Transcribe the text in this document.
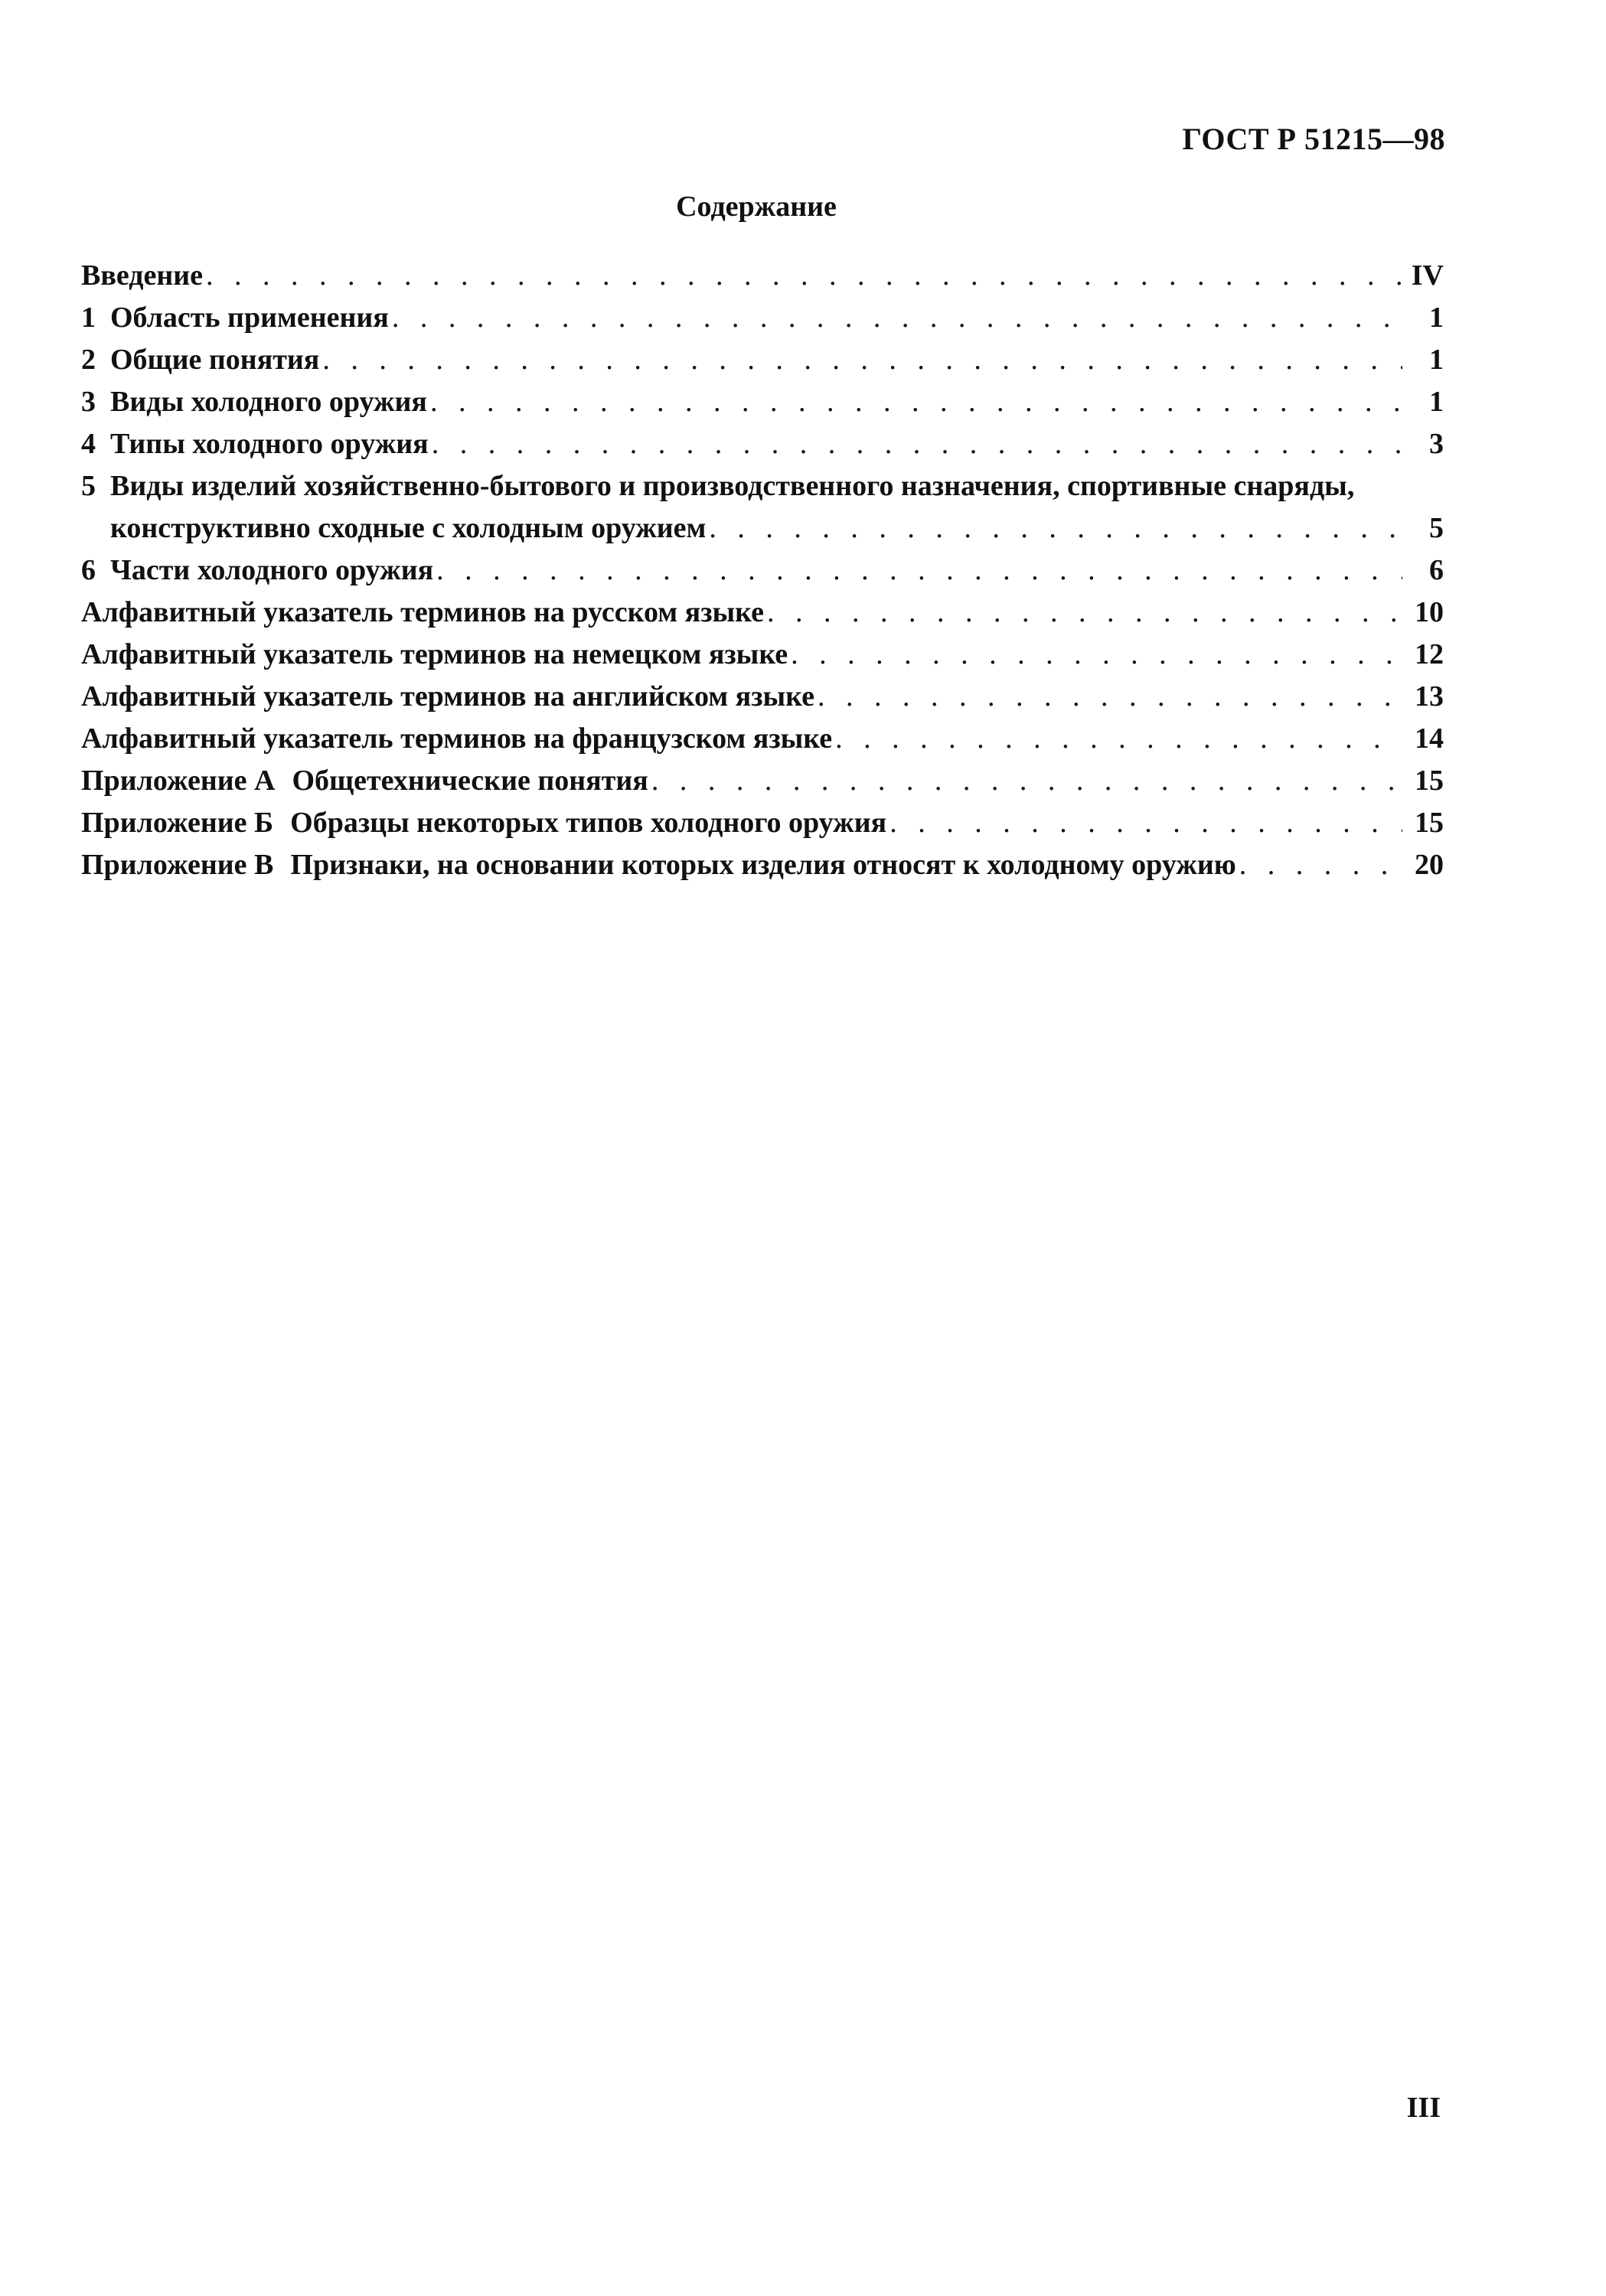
ГОСТ Р 51215—98
Содержание
Введение . . .	IV
1 Область применения . . .	1
2 Общие понятия . . .	1
3 Виды холодного оружия . . .	1
4 Типы холодного оружия . . .	3
5 Виды изделий хозяйственно-бытового и производственного назначения, спортивные снаряды,
конструктивно сходные с холодным оружием . . .	5
6 Части холодного оружия . . .	6
Алфавитный указатель терминов на русском языке . . .	10
Алфавитный указатель терминов на немецком языке . . .	12
Алфавитный указатель терминов на английском языке . . .	13
Алфавитный указатель терминов на французском языке . . .	14
Приложение А Общетехнические понятия . . .	15
Приложение Б Образцы некоторых типов холодного оружия . . .	15
Приложение В Признаки, на основании которых изделия относят к холодному оружию . . .	20
III
